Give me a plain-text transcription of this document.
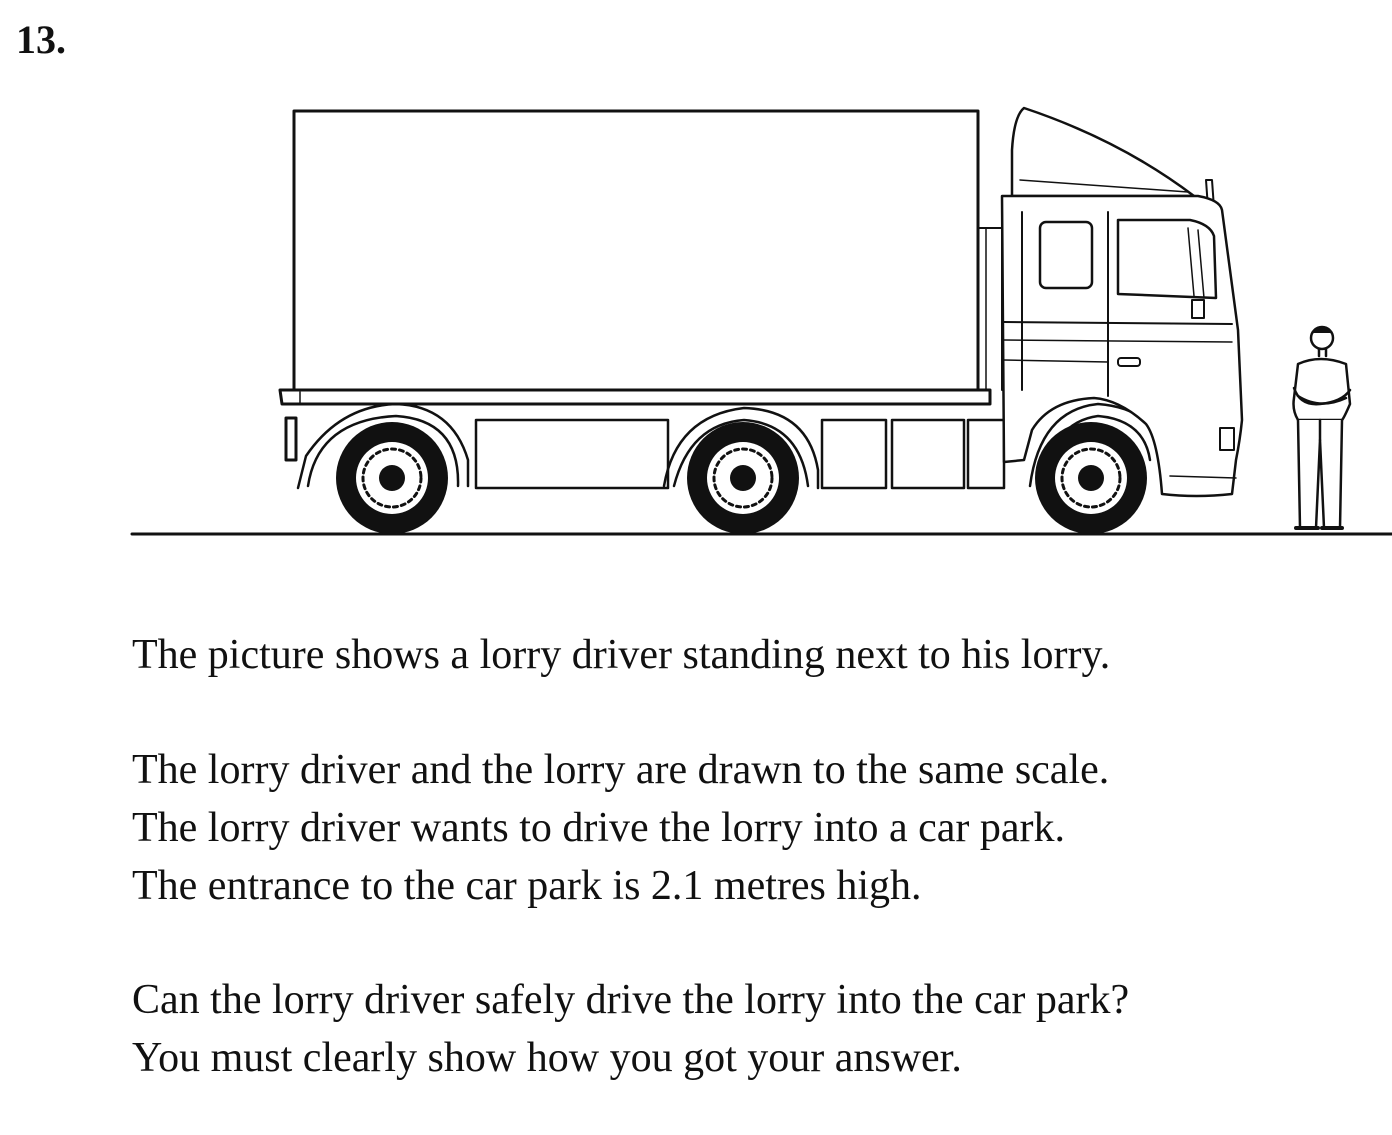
13.

The picture shows a lorry driver standing next to his lorry.

The lorry driver and the lorry are drawn to the same scale.

The lorry driver wants to drive the lorry into a car park.

The entrance to the car park is 2.1 metres high.

Can the lorry driver safely drive the lorry into the car park?

You must clearly show how you got your answer.
